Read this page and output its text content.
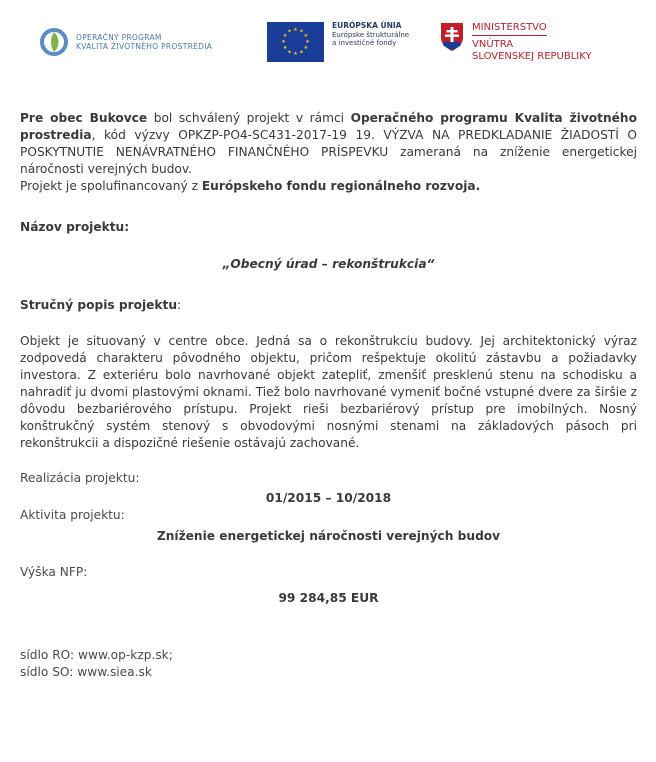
OPERAČNÝ PROGRAM
KVALITA ŽIVOTNÉHO PROSTREDIA
★ ★
★
★
★
★
★
★
★
★
★
★
EURÓPSKA ÚNIA
Európske štrukturálne
a investičné fondy
MINISTERSTVO
VNÚTRA
SLOVENSKEJ REPUBLIKY

Pre obec Bukovce bol schválený projekt v rámci Operačného programu Kvalita životného prostredia, kód výzvy OPKZP-PO4-SC431-2017-19 19. VÝZVA NA PREDKLADANIE ŽIADOSTÍ O POSKYTNUTIE NENÁVRATNÉHO FINANČNÉHO PRÍSPEVKU zameraná na zníženie energetickej náročnosti verejných budov.

Projekt je spolufinancovaný z Európskeho fondu regionálneho rozvoja.

Názov projektu:

„Obecný úrad – rekonštrukcia“

Stručný popis projektu:

Objekt je situovaný v centre obce. Jedná sa o rekonštrukciu budovy. Jej architektonický výraz zodpovedá charakteru pôvodného objektu, pričom rešpektuje okolitú zástavbu a požiadavky investora. Z exteriéru bolo navrhované objekt zatepliť, zmenšiť presklenú stenu na schodisku a nahradiť ju dvomi plastovými oknami. Tiež bolo navrhované vymeniť bočné vstupné dvere za širšie z dôvodu bezbariérového prístupu. Projekt rieši bezbariérový prístup pre imobilných. Nosný konštrukčný systém stenový s obvodovými nosnými stenami na základových pásoch pri rekonštrukcii a dispozičné riešenie ostávajú zachované.

Realizácia projektu:

01/2015 – 10/2018

Aktivita projektu:

Zníženie energetickej náročnosti verejných budov

Výška NFP:

99 284,85 EUR

sídlo RO: www.op-kzp.sk;

sídlo SO: www.siea.sk
